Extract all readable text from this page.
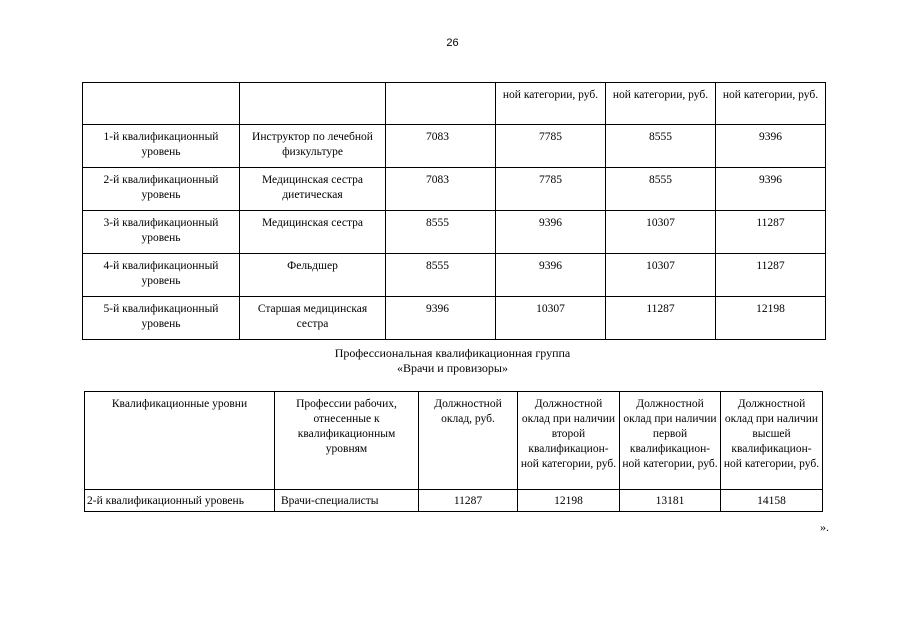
26
			ной категории, руб.	ной категории, руб.	ной категории, руб.
1-й квалификационный уровень	Инструктор по лечебной физкультуре	7083	7785	8555	9396
2-й квалификационный уровень	Медицинская сестра диетическая	7083	7785	8555	9396
3-й квалификационный уровень	Медицинская сестра	8555	9396	10307	11287
4-й квалификационный уровень	Фельдшер	8555	9396	10307	11287
5-й квалификационный уровень	Старшая медицинская сестра	9396	10307	11287	12198
Профессиональная квалификационная группа
«Врачи и провизоры»
Квалификационные уровни	Профессии рабочих, отнесенные к квалификационным уровням	Должностной оклад, руб.	Должностной оклад при наличии второй квалификацион-ной категории, руб.	Должностной оклад при наличии первой квалификацион-ной категории, руб.	Должностной оклад при наличии высшей квалификацион-ной категории, руб.
2-й квалификационный уровень	Врачи-специалисты	11287	12198	13181	14158
».
